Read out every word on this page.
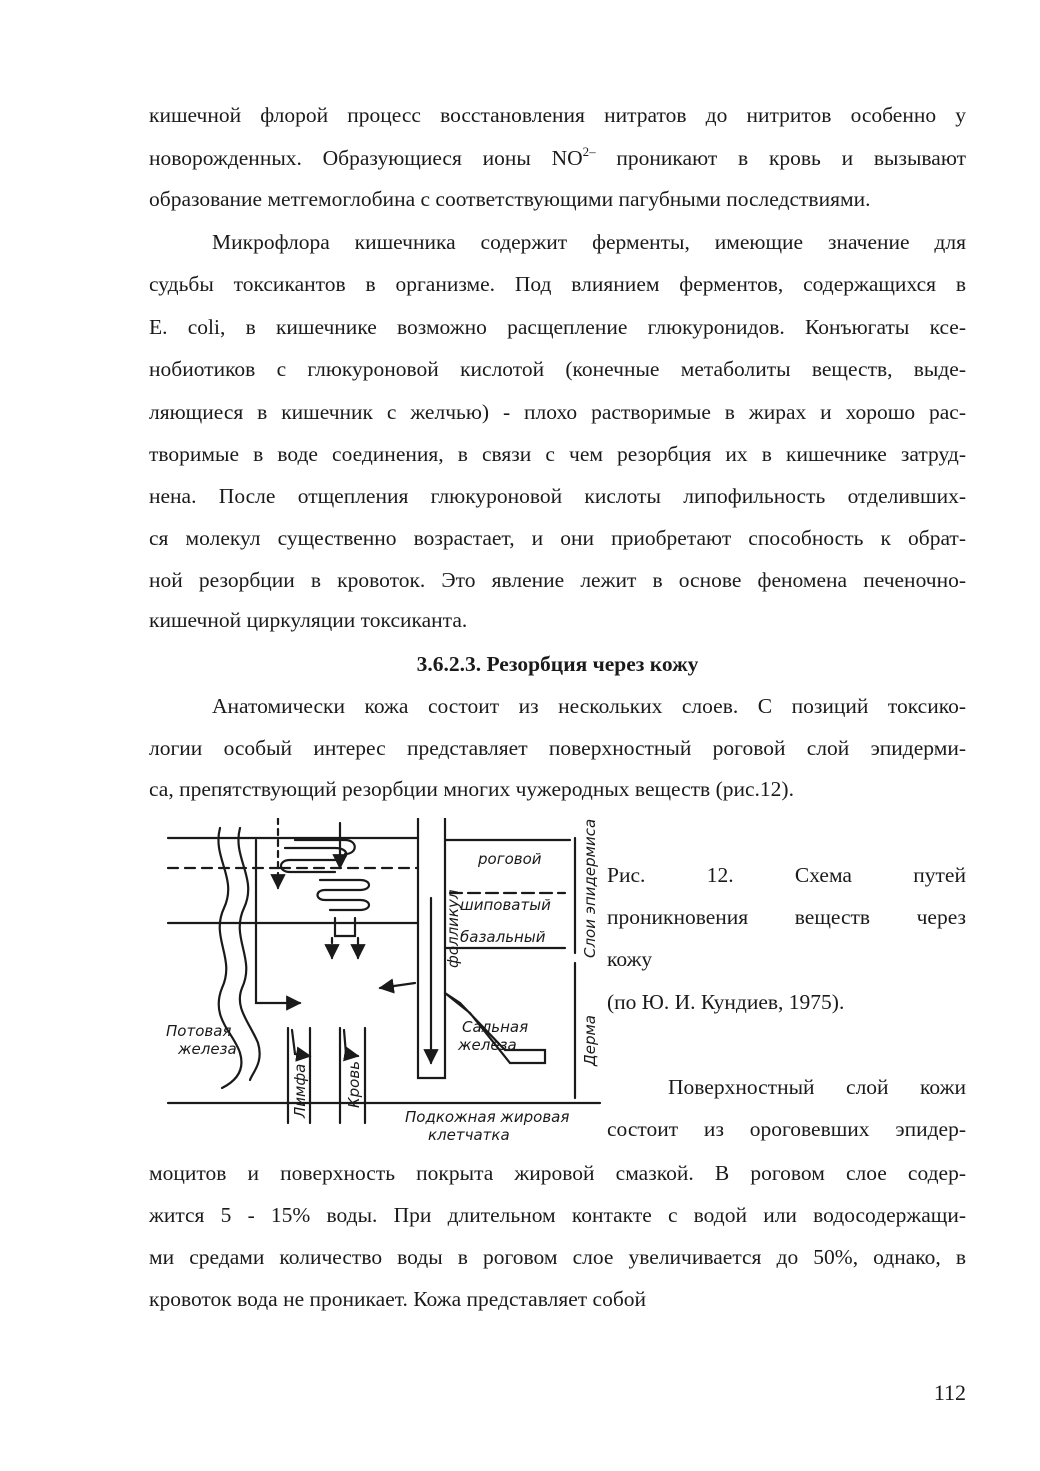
кишечной флорой процесс восстановления нитратов до нитритов особенно у
новорожденных. Образующиеся ионы $NO^{2-}$ проникают в кровь и вызывают
образование метгемоглобина с соответствующими пагубными последствиями.
Микрофлора кишечника содержит ферменты, имеющие значение для
судьбы токсикантов в организме. Под влиянием ферментов, содержащихся в
E. coli, в кишечнике возможно расщепление глюкуронидов. Конъюгаты ксе-
нобиотиков с глюкуроновой кислотой (конечные метаболиты веществ, выде-
ляющиеся в кишечник с желчью) - плохо растворимые в жирах и хорошо рас-
творимые в воде соединения, в связи с чем резорбция их в кишечнике затруд-
нена. После отщепления глюкуроновой кислоты липофильность отделивших-
ся молекул существенно возрастает, и они приобретают способность к обрат-
ной резорбции в кровоток. Это явление лежит в основе феномена печеночно-
кишечной циркуляции токсиканта.
3.6.2.3. Резорбция через кожу
Анатомически кожа состоит из нескольких слоев. С позиций токсико-
логии особый интерес представляет поверхностный роговой слой эпидерми-
са, препятствующий резорбции многих чужеродных веществ (рис.12).
роговой
шиповатый
базальный
Сальная
железа
Потовая
железа
Подкожная жировая
клетчатка
Лимфа Кровь
фолликул	Слои эпидермиса
Дерма
Рис.	12.	Схема	путей
проникновения веществ через
кожу
(по Ю. И. Кундиев, 1975).
Поверхностный слой кожи
состоит из ороговевших эпидер-
моцитов и поверхность покрыта жировой смазкой. В роговом слое содер-
жится 5 - 15% воды. При длительном контакте с водой или водосодержащи-
ми средами количество воды в роговом слое увеличивается до 50%, однако, в
кровоток вода не проникает. Кожа представляет собой
112
